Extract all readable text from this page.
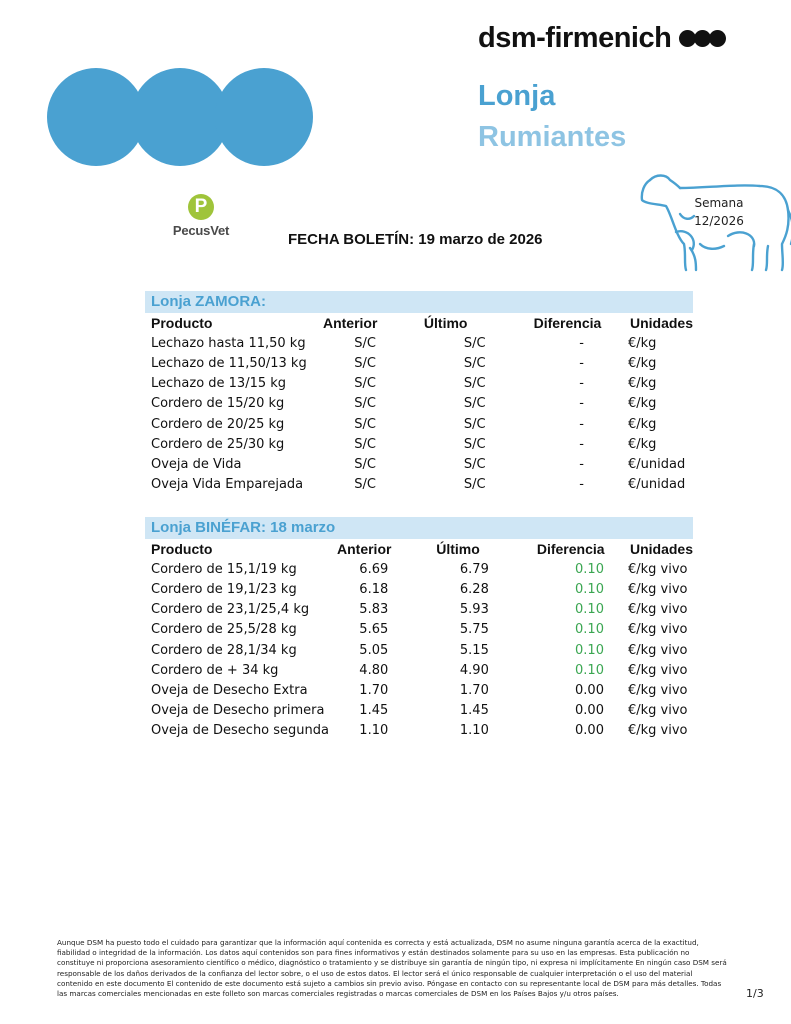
dsm-firmenich
Lonja
Rumiantes
Semana
12/2026
P
PecusVet
FECHA BOLETÍN: 19 marzo de 2026
Lonja ZAMORA:
Producto	Anterior	Último	Diferencia	Unidades
Lechazo hasta 11,50 kg	S/C	S/C	-	€/kg
Lechazo de 11,50/13 kg	S/C	S/C	-	€/kg
Lechazo de 13/15 kg	S/C	S/C	-	€/kg
Cordero de 15/20 kg	S/C	S/C	-	€/kg
Cordero de 20/25 kg	S/C	S/C	-	€/kg
Cordero de 25/30 kg	S/C	S/C	-	€/kg
Oveja de Vida	S/C	S/C	-	€/unidad
Oveja Vida Emparejada	S/C	S/C	-	€/unidad
Lonja BINÉFAR: 18 marzo
Producto	Anterior	Último	Diferencia	Unidades
Cordero de 15,1/19 kg	6.69	6.79	0.10	€/kg vivo
Cordero de 19,1/23 kg	6.18	6.28	0.10	€/kg vivo
Cordero de 23,1/25,4 kg	5.83	5.93	0.10	€/kg vivo
Cordero de 25,5/28 kg	5.65	5.75	0.10	€/kg vivo
Cordero de 28,1/34 kg	5.05	5.15	0.10	€/kg vivo
Cordero de + 34 kg	4.80	4.90	0.10	€/kg vivo
Oveja de Desecho Extra	1.70	1.70	0.00	€/kg vivo
Oveja de Desecho primera	1.45	1.45	0.00	€/kg vivo
Oveja de Desecho segunda	1.10	1.10	0.00	€/kg vivo
Aunque DSM ha puesto todo el cuidado para garantizar que la información aquí contenida es correcta y está actualizada, DSM no asume ninguna garantía acerca de la exactitud, fiabilidad o integridad de la información. Los datos aquí contenidos son para fines informativos y están destinados solamente para su uso en las empresas. Esta publicación no constituye ni proporciona asesoramiento científico o médico, diagnóstico o tratamiento y se distribuye sin garantía de ningún tipo, ni expresa ni implícitamente En ningún caso DSM será responsable de los daños derivados de la confianza del lector sobre, o el uso de estos datos. El lector será el único responsable de cualquier interpretación o el uso del material contenido en este documento El contenido de este documento está sujeto a cambios sin previo aviso. Póngase en contacto con su representante local de DSM para más detalles. Todas las marcas comerciales mencionadas en este folleto son marcas comerciales registradas o marcas comerciales de DSM en los Países Bajos y/u otros países.	1/3
